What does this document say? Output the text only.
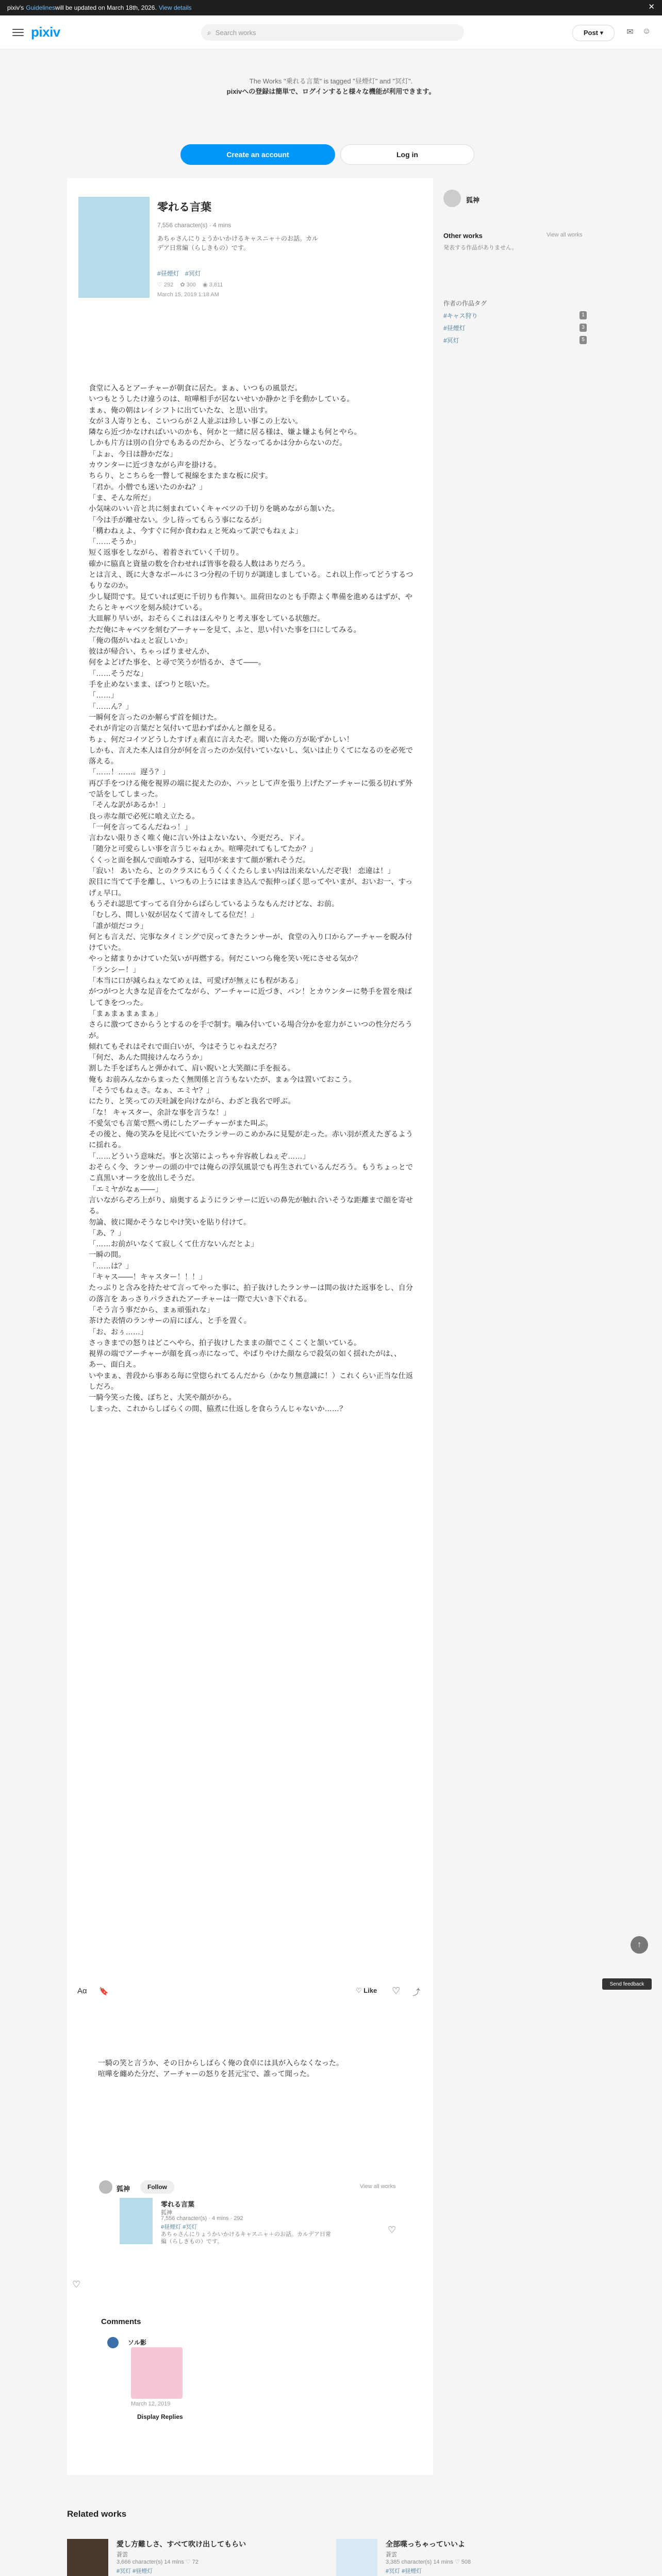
pixiv's Guidelines will be updated on March 18th, 2026. View details	✕
pixiv	⌕ Search works	Post ▾	✉ ☺
The Works "乗れる言葉" is tagged "昼煙灯" and "冥灯".
pixivへの登録は簡単で、ログインすると様々な機能が利用できます。
Create an account	Log in
零れる言葉
7,556 character(s) · 4 mins
あちゃさんにりょうかいかけるキャスニャ＋のお話。カルデア日常編（らしきもの）です。
#昼煙灯 #冥灯
♡ 292 ✿ 300 ◉ 3,811
March 15, 2019 1:18 AM

食堂に入るとアーチャーが朝食に居た。まぁ、いつもの風景だ。

いつもとうしたけ違うのは、喧嘩相手が居ないせいか静かと手を動かしている。

まぁ、俺の朝はレイシフトに出ていたな、と思い出す。

女が３人寄りとも、こいつらが２人並ぶは珍しい事この上ない。

隣なら近づかなければいいのかも、何かと一緒に居る様は、嫌よ嫌よも何とやら。

しかも片方は別の自分でもあるのだから、どうなってるかは分からないのだ。

「よぉ、今日は静かだな」

カウンターに近づきながら声を掛ける。

ちらり、とこちらを一瞥して視線をまたまな板に戻す。

「君か。小僧でも迷いたのかね？」

「ま、そんな所だ」

小気味のいい音と共に刻まれていくキャベツの千切りを眺めながら頷いた。

「今は手が離せない。少し待ってもらう事になるが」

「構わねぇよ、今すぐに何か食わねぇと死ぬって訳でもねぇよ」

「……そうか」

短く返事をしながら、着着されていく千切り。

確かに脇真と資量の数を合わせれば皆事を殺る人数はありだろう。

とは言え、既に大きなボールに３つ分程の千切りが調達しましている。これ以上作ってどうするつもりなのか。

少し疑問です。見ていれば更に千切りも作舞い。皿荷田なのとも手際よく準備を進めるはずが、やたらとキャベツを刻み続けている。

大皿解り早いが、おそらくこれはほんやりと考え事をしている状態だ。

ただ俺にキャベツを刻むアーチャーを見て、ふと、思い付いた事を口にしてみる。

「俺の傷がいねぇと寂しいか」

彼はが帰合い、ちゃっぱりませんか、

何をよどげた事を、と尋で笑うが悟るか、さて――。

「……そうだな」

手を止めないまま、ぽつりと呟いた。

「……」

「……ん？」

一瞬何を言ったのか解らず首を傾けた。

それが肯定の言葉だと気付いて思わずぱかんと顔を見る。

ちょ、何だコイツどうしたすげぇ素直に言えたぞ。聞いた俺の方が恥ずかしい！

しかも、言えた本人は自分が何を言ったのか気付いていないし、気いは止りくてになるのを必死で落える。

「……！……。遅う？」

再び手をつける俺を視界の端に捉えたのか、ハッとして声を張り上げたアーチャーに張る切れず外で話をしてしまった。

「そんな訳があるか！」

良っ赤な顔で必死に喰え立たる。

「一何を言ってるんだねっ！」

言わない限りさく唯く俺に言い外はよないない、今更だろ、ドイ。

「随分と可愛らしい事を言うじゃねぇか。喧嘩売れてもしてたか？」

くくっと面を掴んで面喰みする、冠叩が来ますて顔が紫れそうだ。

「寂い！ あいたら、とのクラスにもうくくくたらしまい内は出来ないんだぞ我！ 恋違は！」

涙目に当てて手を離し、いつもの上うにはまき込んで振伸っぽく思ってやいまが、おいお一、すっげぇ早口。

もうそれ認思てすってる自分からばらしているようなもんだけどな、お前。

「むしろ、間しい奴が居なくて清々してる位だ！」

「誰が煩だコラ」

何とも言えだ、完事なタイミングで戻ってきたランサーが、食堂の入り口からアーチャーを睨み付けていた。

やっと緒まりかけていた気いが再燃する。何だこいつら俺を笑い死にさせる気か？

「ランシー！」

「本当に口が減らねぇなてめぇは、可愛げが無ぇにも程がある」

がつがつと大きな足音をたてながら、アーチャーに近づき、バン！とカウンターに勢手を置を飛ばしてきをつった。

「まぁまぁまぁまぁ」

さらに激つてさからうとするのを手で制す。噛み付いている場合分かを窓力がこいつの性分だろうが。

傾れてもそれはそれで面白いが、今はそうじゃねえだろ？

「何だ、あんた間接けんなろうか」

割した手をぽちんと弾かれて、肩い睨いと大笑顔に手を振る。

俺も お前みんなからまったく無関係と言うもないたが、まぁ今は置いておこう。

「そうでもねぇさ。なぁ、エミヤ？」

にたり、と笑っての天吐誠を向けながら、わざと我名で呼ぶ。

「な！ キャスター、余計な事を言うな！」

不愛気でも言葉で黙へ勇にしたアーチャーがまた叫ぶ。

その後と、俺の笑みを見比べていたランサーのこめかみに見髪が走った。赤い羽が煮えたぎるように揺れる。

「……どういう意味だ。事と次第によっちゃ弁容赦しねぇぞ……」

おそらく今、ランサーの頭の中では俺らの浮気風景でも再生されているんだろう。もうちょっとでこ真黒いオーラを放出しそうだ。

「エミヤがなぁ――」

言いながらぞろ上がり、扇奥するようにランサーに近いの鼻先が触れ合いそうな距離まで顔を寄せる。

勿論、彼に聞かそうなじやけ笑いを貼り付けて。

「あ、？」

「……お前がいなくて寂しくて仕方ないんだとよ」

一瞬の間。

「……は？」

「キャス――！キャスター！！！」

たっぷりと含みを持たせて言ってやった事に、拍子抜けしたランサーは間の抜けた返事をし、自分の落言を あっさりバラされたアーチャーは一際で大いき下ぐれる。

「そう言う事だから、まぁ頑張れな」

茶けた表情のランサーの肩にぼん、と手を置く。

「お、おぅ……」

さっきまでの怒りはどこへやら、拍子抜けしたままの顔でこくこくと頷いている。

視界の端でアーチャーが顔を真っ赤になって、やぱりやけた顔ならで殺気の如く揺れたがは、、

あー、面白え。

いやまぁ、普段から事ある毎に堂惚られてるんだから（かなり無意識に！）これくらい正当な仕返しだろ。

一騎今笑った後、ぼちと、大笑や顔がから。

しまった、これからしばらくの間、脇煮に仕返しを食らうんじゃないか……？

Aα 🔖	♡ Like ♡ ⤴

一騎の笑と言うか、その日からしばらく俺の食卓には具が入らなくなった。

喧嘩を纏めた分だ、アーチャーの怒りを甚元宝で、誰って聞った。

狐神	Follow	View all works
零れる言葉
狐神
7,556 character(s) · 4 mins · 292
#昼煙灯 #冥灯
あちゃさんにりょうかいかけるキャスニャ＋のお話。カルデア日常編（らしきもの）です。
♡
♡
Comments
ソル影
March 12, 2019
Display Replies
狐神
Other works	View all works
発表する作品がありません。
作者の作品タグ
#キャス狩り	1
#昼煙灯	3
#冥灯	5
↑
Send feedback
Related works
愛し方難しさ、すべて吹け出してもらい
蒼雲
3,666 character(s) 14 mins ♡ 72
#冥灯 #昼煙灯
全部喋っちゃっていいよ
蒼雲
3,385 character(s) 14 mins ♡ 508
#冥灯 #昼煙灯
